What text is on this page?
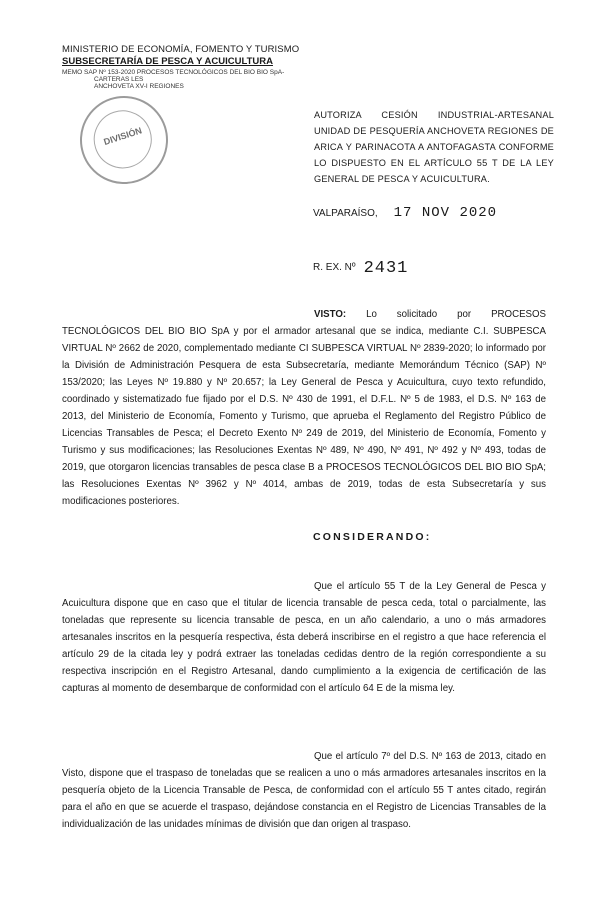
MINISTERIO DE ECONOMÍA, FOMENTO Y TURISMO
SUBSECRETARÍA DE PESCA Y ACUICULTURA
MEMO SAP Nº 153-2020 PROCESOS TECNOLÓGICOS DEL BIO BIO SpA-
CARTERAS LES
ANCHOVETA XV-I REGIONES
DIVISIÓN
AUTORIZA CESIÓN INDUSTRIAL-ARTESANAL UNIDAD DE PESQUERÍA ANCHOVETA REGIONES DE ARICA Y PARINACOTA A ANTOFAGASTA CONFORME LO DISPUESTO EN EL ARTÍCULO 55 T DE LA LEY GENERAL DE PESCA Y ACUICULTURA.
VALPARAÍSO, 17 NOV 2020
R. EX. Nº 2431
VISTO: Lo solicitado por PROCESOS TECNOLÓGICOS DEL BIO BIO SpA y por el armador artesanal que se indica, mediante C.I. SUBPESCA VIRTUAL Nº 2662 de 2020, complementado mediante CI SUBPESCA VIRTUAL Nº 2839-2020; lo informado por la División de Administración Pesquera de esta Subsecretaría, mediante Memorándum Técnico (SAP) Nº 153/2020; las Leyes Nº 19.880 y Nº 20.657; la Ley General de Pesca y Acuicultura, cuyo texto refundido, coordinado y sistematizado fue fijado por el D.S. Nº 430 de 1991, el D.F.L. Nº 5 de 1983, el D.S. Nº 163 de 2013, del Ministerio de Economía, Fomento y Turismo, que aprueba el Reglamento del Registro Público de Licencias Transables de Pesca; el Decreto Exento Nº 249 de 2019, del Ministerio de Economía, Fomento y Turismo y sus modificaciones; las Resoluciones Exentas Nº 489, Nº 490, Nº 491, Nº 492 y Nº 493, todas de 2019, que otorgaron licencias transables de pesca clase B a PROCESOS TECNOLÓGICOS DEL BIO BIO SpA; las Resoluciones Exentas Nº 3962 y Nº 4014, ambas de 2019, todas de esta Subsecretaría y sus modificaciones posteriores.
CONSIDERANDO:
Que el artículo 55 T de la Ley General de Pesca y Acuicultura dispone que en caso que el titular de licencia transable de pesca ceda, total o parcialmente, las toneladas que represente su licencia transable de pesca, en un año calendario, a uno o más armadores artesanales inscritos en la pesquería respectiva, ésta deberá inscribirse en el registro a que hace referencia el artículo 29 de la citada ley y podrá extraer las toneladas cedidas dentro de la región correspondiente a su respectiva inscripción en el Registro Artesanal, dando cumplimiento a la exigencia de certificación de las capturas al momento de desembarque de conformidad con el artículo 64 E de la misma ley.
Que el artículo 7º del D.S. Nº 163 de 2013, citado en Visto, dispone que el traspaso de toneladas que se realicen a uno o más armadores artesanales inscritos en la pesquería objeto de la Licencia Transable de Pesca, de conformidad con el artículo 55 T antes citado, regirán para el año en que se acuerde el traspaso, dejándose constancia en el Registro de Licencias Transables de la individualización de las unidades mínimas de división que dan origen al traspaso.
